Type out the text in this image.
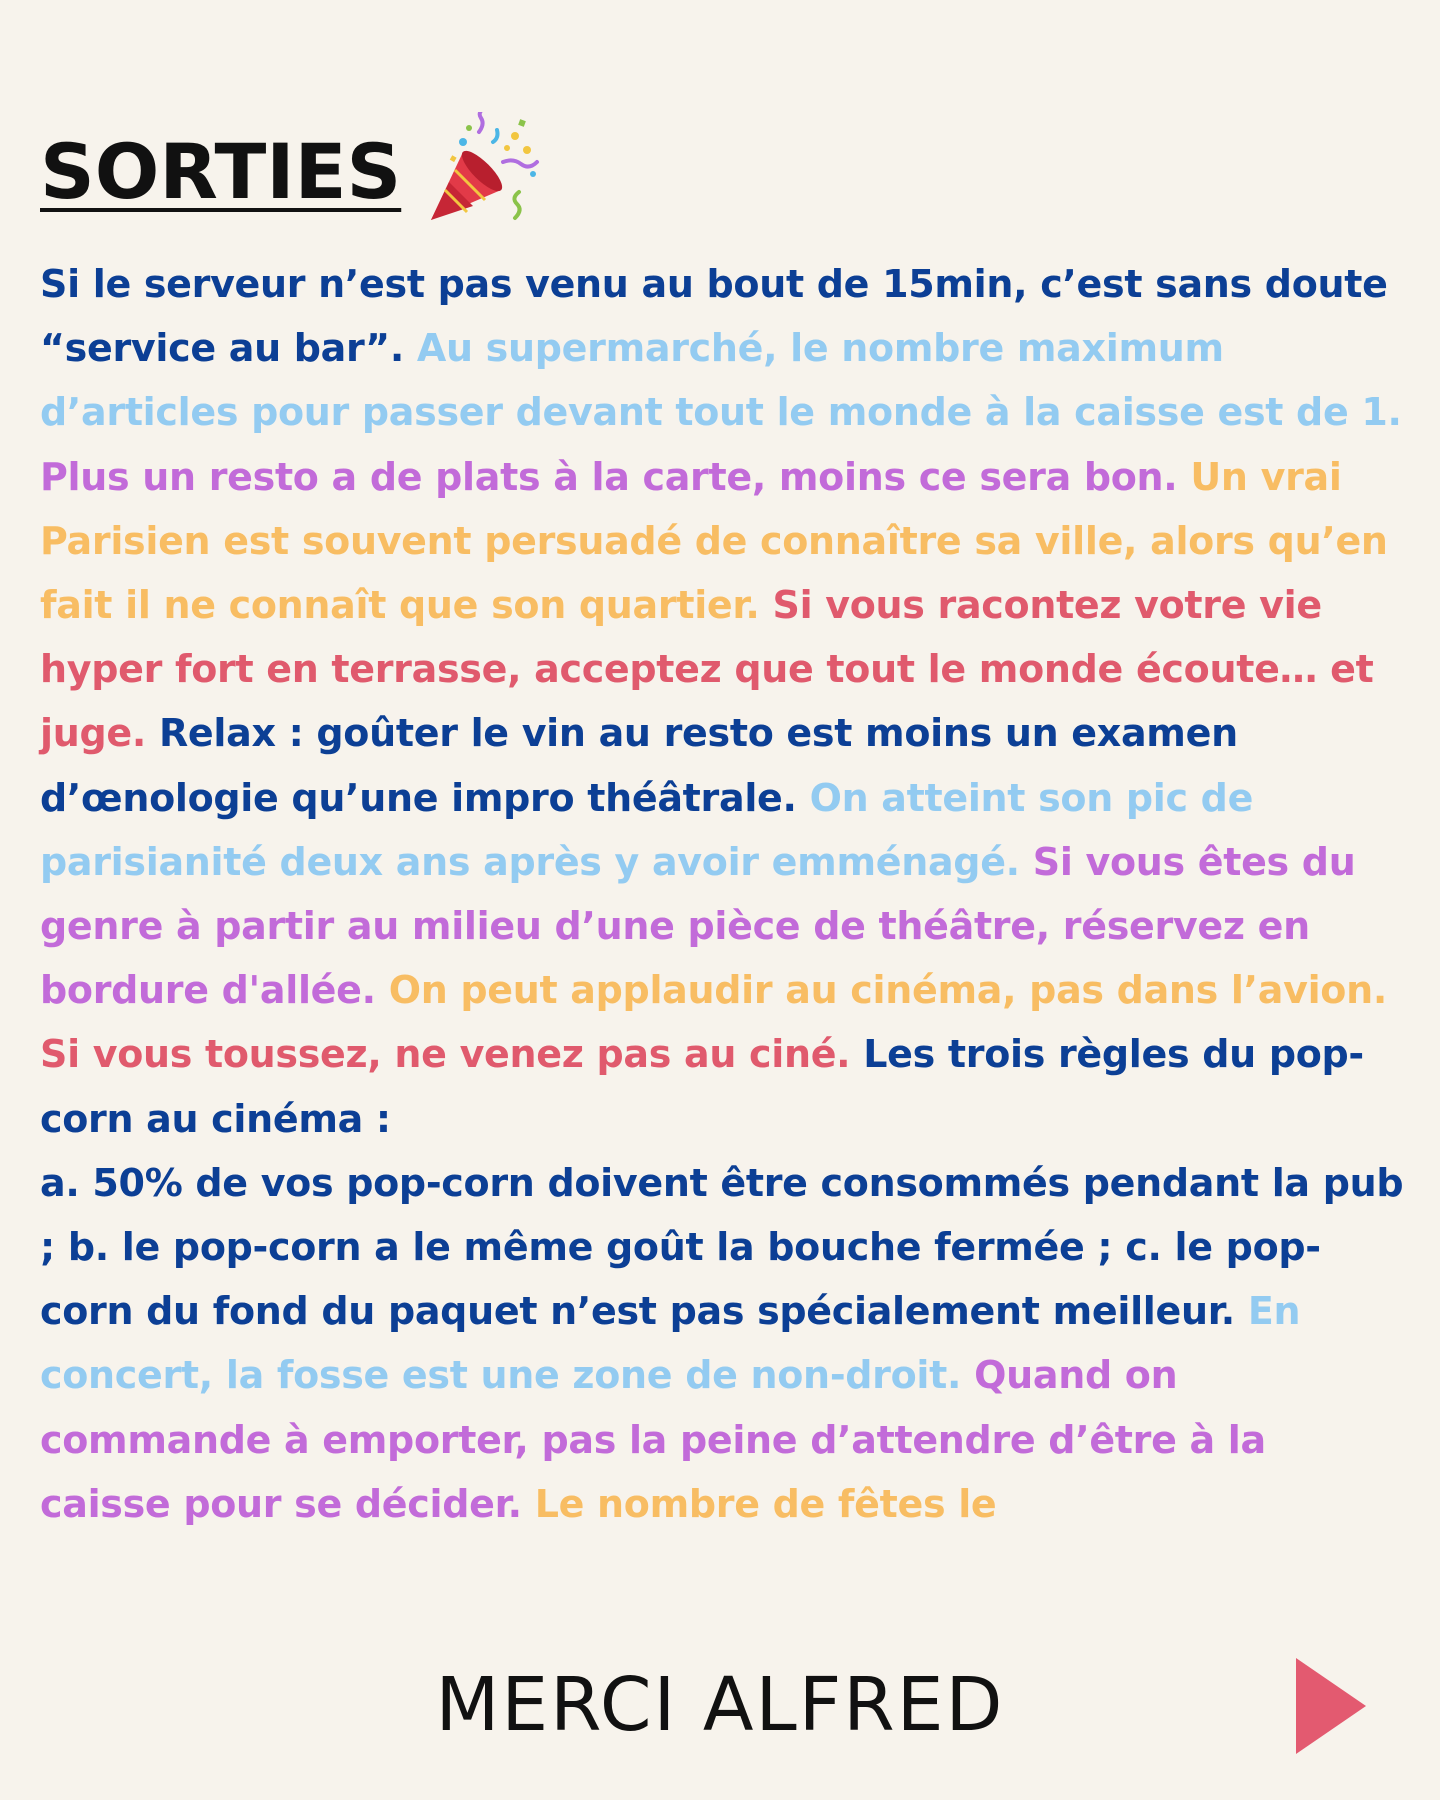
SORTIES

Si le serveur n’est pas venu au bout de 15min, c’est sans doute “service au bar”. Au supermarché, le nombre maximum d’articles pour passer devant tout le monde à la caisse est de 1. Plus un resto a de plats à la carte, moins ce sera bon. Un vrai Parisien est souvent persuadé de connaître sa ville, alors qu’en fait il ne connaît que son quartier. Si vous racontez votre vie hyper fort en terrasse, acceptez que tout le monde écoute… et juge. Relax : goûter le vin au resto est moins un examen d’œnologie qu’une impro théâtrale. On atteint son pic de parisianité deux ans après y avoir emménagé. Si vous êtes du genre à partir au milieu d’une pièce de théâtre, réservez en bordure d'allée. On peut applaudir au cinéma, pas dans l’avion. Si vous toussez, ne venez pas au ciné. Les trois règles du pop-corn au cinéma :
a. 50% de vos pop-corn doivent être consommés pendant la pub ; b. le pop-corn a le même goût la bouche fermée ; c. le pop-corn du fond du paquet n’est pas spécialement meilleur. En concert, la fosse est une zone de non-droit. Quand on commande à emporter, pas la peine d’attendre d’être à la caisse pour se décider. Le nombre de fêtes le

MERCI ALFRED
